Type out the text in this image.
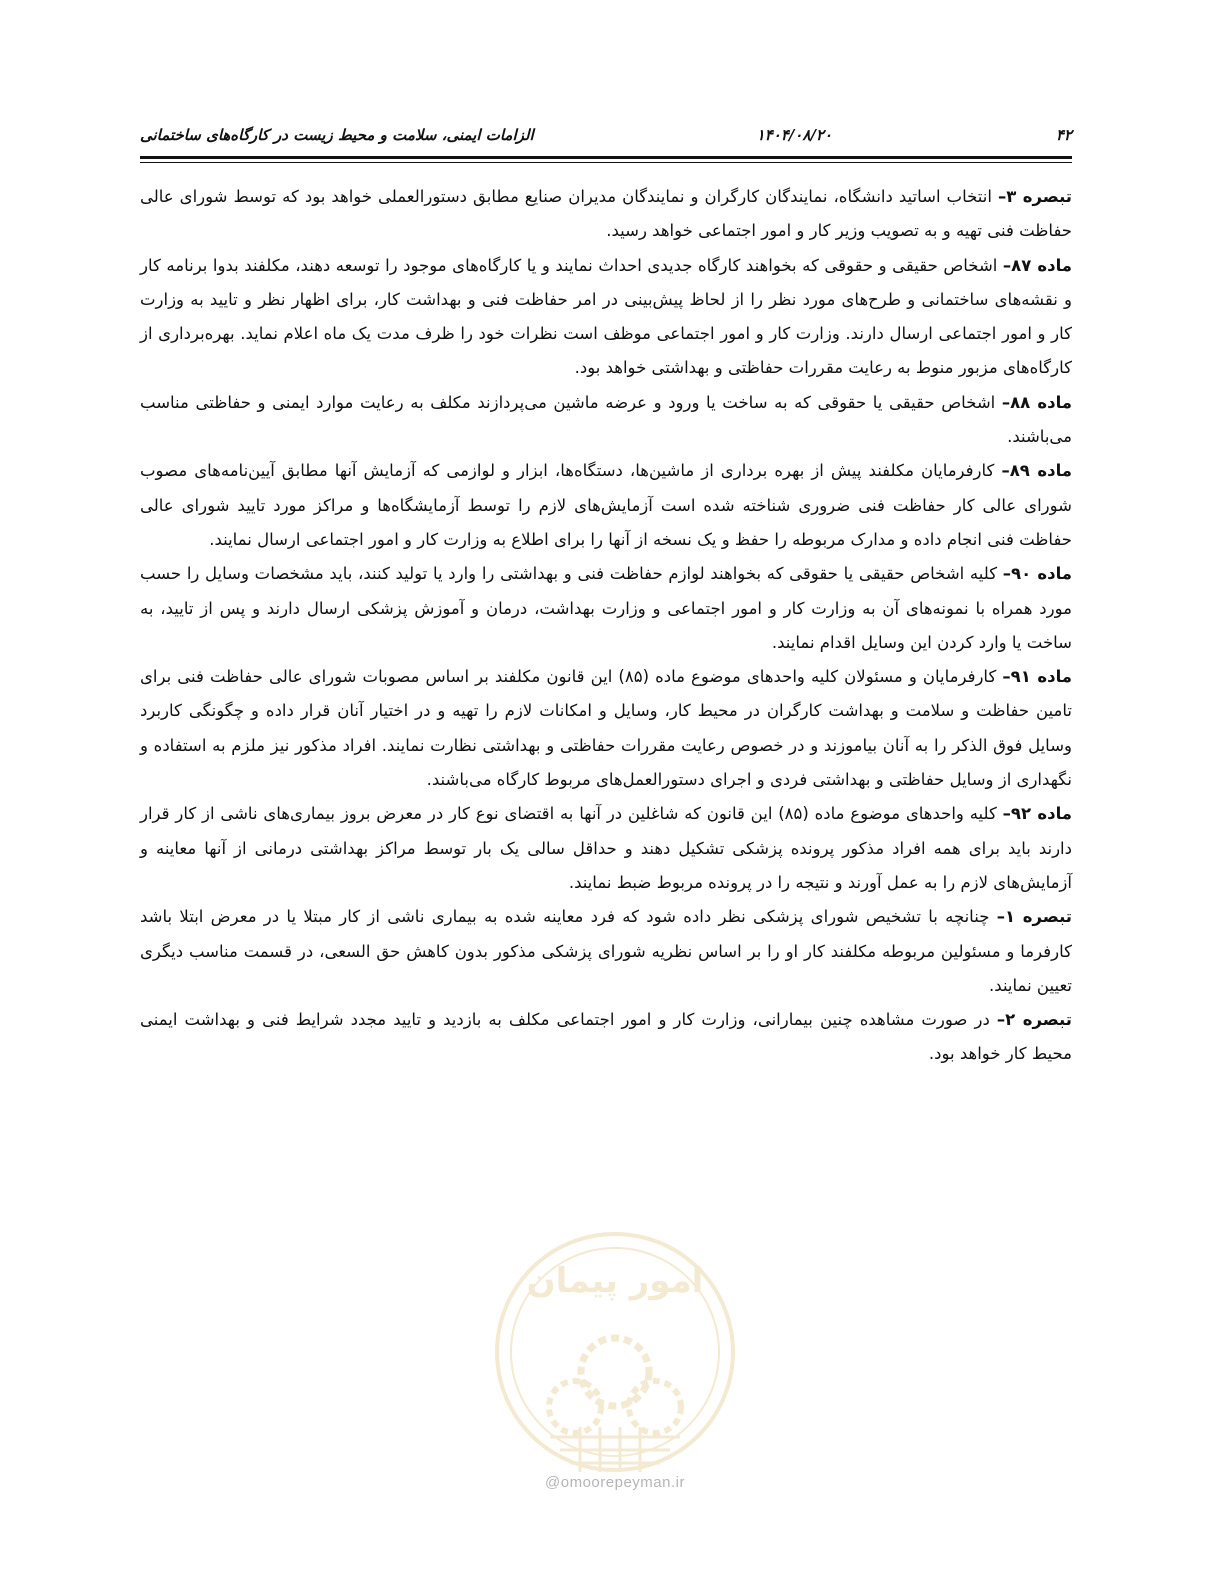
۴۲
۱۴۰۴/۰۸/۲۰
الزامات ایمنی، سلامت و محیط زیست در کارگاه‌های ساختمانی

تبصره ۳– انتخاب اساتید دانشگاه، نمایندگان کارگران و نمایندگان مدیران صنایع مطابق دستورالعملی خواهد بود که توسط شورای عالی حفاظت فنی تهیه و به تصویب وزیر کار و امور اجتماعی خواهد رسید.

ماده ۸۷– اشخاص حقیقی و حقوقی که بخواهند کارگاه جدیدی احداث نمایند و یا کارگاه‌های موجود را توسعه دهند، مکلفند بدوا برنامه کار و نقشه‌های ساختمانی و طرح‌های مورد نظر را از لحاظ پیش‌بینی در امر حفاظت فنی و بهداشت کار، برای اظهار نظر و تایید به وزارت کار و امور اجتماعی ارسال دارند. وزارت کار و امور اجتماعی موظف است نظرات خود را ظرف مدت یک ماه اعلام نماید. بهره‌برداری از کارگاه‌های مزبور منوط به رعایت مقررات حفاظتی و بهداشتی خواهد بود.

ماده ۸۸– اشخاص حقیقی یا حقوقی که به ساخت یا ورود و عرضه ماشین می‌پردازند مکلف به رعایت موارد ایمنی و حفاظتی مناسب می‌باشند.

ماده ۸۹– کارفرمایان مکلفند پیش از بهره برداری از ماشین‌ها، دستگاه‌ها، ابزار و لوازمی که آزمایش آنها مطابق آیین‌نامه‌های مصوب شورای عالی کار حفاظت فنی ضروری شناخته شده است آزمایش‌های لازم را توسط آزمایشگاه‌ها و مراکز مورد تایید شورای عالی حفاظت فنی انجام داده و مدارک مربوطه را حفظ و یک نسخه از آنها را برای اطلاع به وزارت کار و امور اجتماعی ارسال نمایند.

ماده ۹۰– کلیه اشخاص حقیقی یا حقوقی که بخواهند لوازم حفاظت فنی و بهداشتی را وارد یا تولید کنند، باید مشخصات وسایل را حسب مورد همراه با نمونه‌های آن به وزارت کار و امور اجتماعی و وزارت بهداشت، درمان و آموزش پزشکی ارسال دارند و پس از تایید، به ساخت یا وارد کردن این وسایل اقدام نمایند.

ماده ۹۱– کارفرمایان و مسئولان کلیه واحدهای موضوع ماده (۸۵) این قانون مکلفند بر اساس مصوبات شورای عالی حفاظت فنی برای تامین حفاظت و سلامت و بهداشت کارگران در محیط کار، وسایل و امکانات لازم را تهیه و در اختیار آنان قرار داده و چگونگی کاربرد وسایل فوق الذکر را به آنان بیاموزند و در خصوص رعایت مقررات حفاظتی و بهداشتی نظارت نمایند. افراد مذکور نیز ملزم به استفاده و نگهداری از وسایل حفاظتی و بهداشتی فردی و اجرای دستورالعمل‌های مربوط کارگاه می‌باشند.

ماده ۹۲– کلیه واحدهای موضوع ماده (۸۵) این قانون که شاغلین در آنها به اقتضای نوع کار در معرض بروز بیماری‌های ناشی از کار قرار دارند باید برای همه افراد مذکور پرونده پزشکی تشکیل دهند و حداقل سالی یک بار توسط مراکز بهداشتی درمانی از آنها معاینه و آزمایش‌های لازم را به عمل آورند و نتیجه را در پرونده مربوط ضبط نمایند.

تبصره ۱– چنانچه با تشخیص شورای پزشکی نظر داده شود که فرد معاینه شده به بیماری ناشی از کار مبتلا یا در معرض ابتلا باشد کارفرما و مسئولین مربوطه مکلفند کار او را بر اساس نظریه شورای پزشکی مذکور بدون کاهش حق السعی، در قسمت مناسب دیگری تعیین نمایند.

تبصره ۲– در صورت مشاهده چنین بیمارانی، وزارت کار و امور اجتماعی مکلف به بازدید و تایید مجدد شرایط فنی و بهداشت ایمنی محیط کار خواهد بود.

امور پیمان
@omoorepeyman.ir
